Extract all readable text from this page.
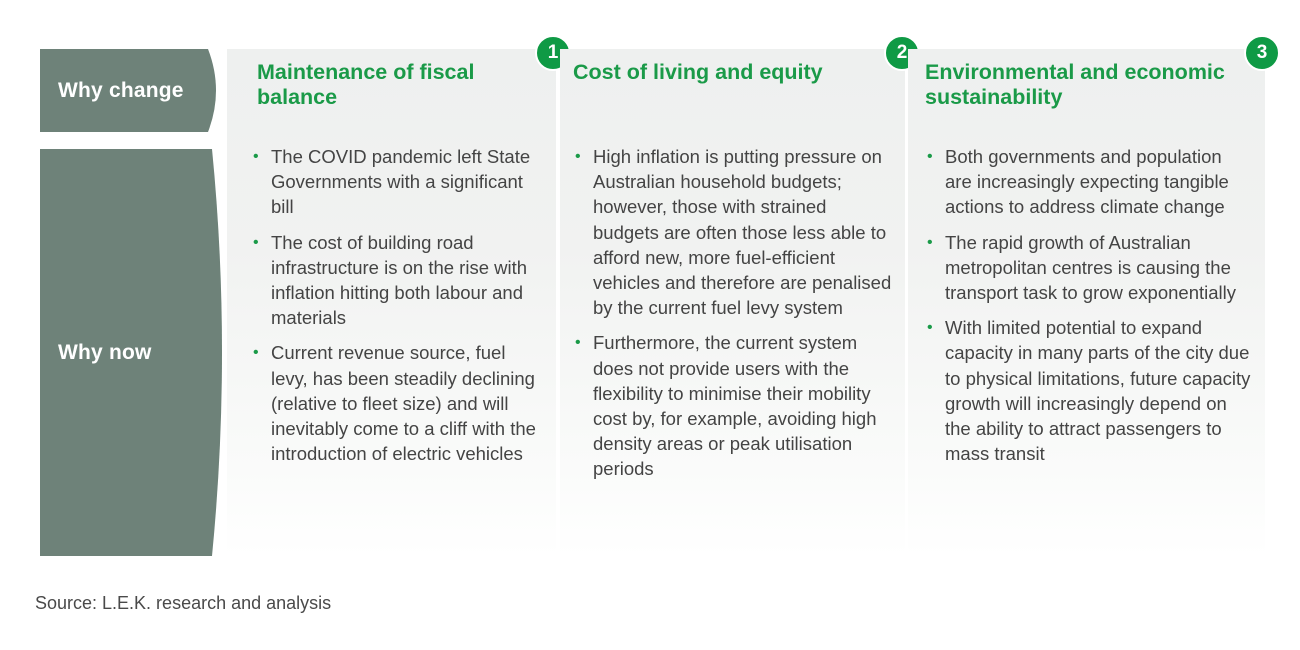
Why change
Why now
1
Maintenance of fiscal balance
• The COVID pandemic left State Governments with a significant bill
• The cost of building road infrastructure is on the rise with inflation hitting both labour and materials
• Current revenue source, fuel levy, has been steadily declining (relative to fleet size) and will inevitably come to a cliff with the introduction of electric vehicles
2
Cost of living and equity
• High inflation is putting pressure on Australian household budgets; however, those with strained budgets are often those less able to afford new, more fuel-efficient vehicles and therefore are penalised by the current fuel levy system
• Furthermore, the current system does not provide users with the flexibility to minimise their mobility cost by, for example, avoiding high density areas or peak utilisation periods
3
Environmental and economic sustainability
• Both governments and population are increasingly expecting tangible actions to address climate change
• The rapid growth of Australian metropolitan centres is causing the transport task to grow exponentially
• With limited potential to expand capacity in many parts of the city due to physical limitations, future capacity growth will increasingly depend on the ability to attract passengers to mass transit
Source: L.E.K. research and analysis
